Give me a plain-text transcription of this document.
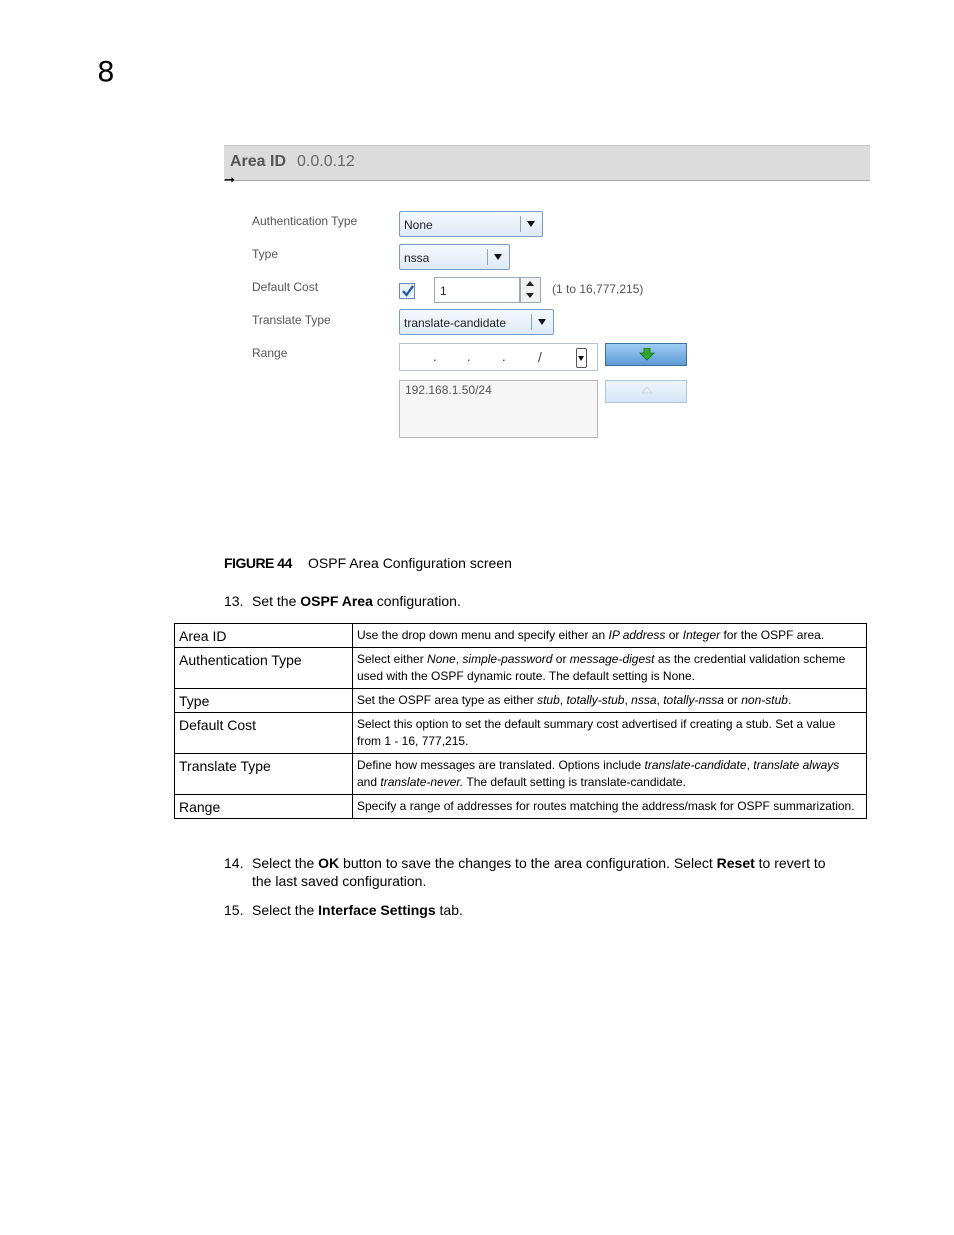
8
Area ID 0.0.0.12
➞
Authentication Type	None
Type	nssa
Default Cost	1	(1 to 16,777,215)
Translate Type	translate-candidate
Range	. . . /
192.168.1.50/24
FIGURE 44 OSPF Area Configuration screen
13. Set the OSPF Area configuration.
Area ID	Use the drop down menu and specify either an IP address or Integer for the OSPF area.
Authentication Type	Select either None, simple-password or message-digest as the credential validation scheme used with the OSPF dynamic route. The default setting is None.
Type	Set the OSPF area type as either stub, totally-stub, nssa, totally-nssa or non-stub.
Default Cost	Select this option to set the default summary cost advertised if creating a stub. Set a value from 1 - 16, 777,215.
Translate Type	Define how messages are translated. Options include translate-candidate, translate always and translate-never. The default setting is translate-candidate.
Range	Specify a range of addresses for routes matching the address/mask for OSPF summarization.
14. Select the OK button to save the changes to the area configuration. Select Reset to revert to
the last saved configuration.
15. Select the Interface Settings tab.
